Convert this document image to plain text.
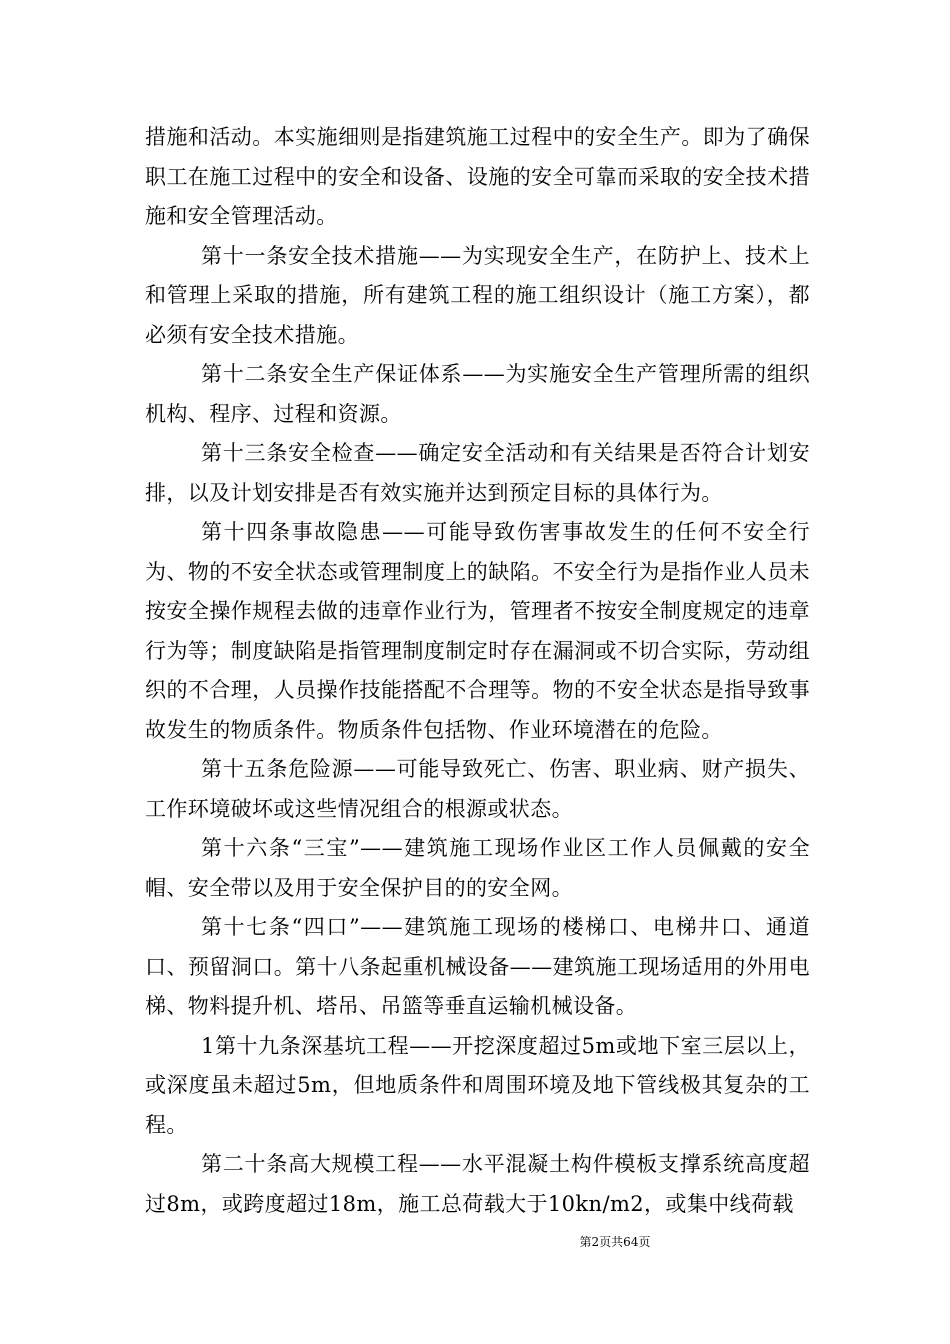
措施和活动。本实施细则是指建筑施工过程中的安全生产。即为了确保职工在施工过程中的安全和设备、设施的安全可靠而采取的安全技术措施和安全管理活动。

第十一条安全技术措施——为实现安全生产，在防护上、技术上和管理上采取的措施，所有建筑工程的施工组织设计（施工方案），都必须有安全技术措施。

第十二条安全生产保证体系——为实施安全生产管理所需的组织机构、程序、过程和资源。

第十三条安全检查——确定安全活动和有关结果是否符合计划安排，以及计划安排是否有效实施并达到预定目标的具体行为。

第十四条事故隐患——可能导致伤害事故发生的任何不安全行为、物的不安全状态或管理制度上的缺陷。不安全行为是指作业人员未按安全操作规程去做的违章作业行为，管理者不按安全制度规定的违章行为等；制度缺陷是指管理制度制定时存在漏洞或不切合实际，劳动组织的不合理，人员操作技能搭配不合理等。物的不安全状态是指导致事故发生的物质条件。物质条件包括物、作业环境潜在的危险。

第十五条危险源——可能导致死亡、伤害、职业病、财产损失、工作环境破坏或这些情况组合的根源或状态。

第十六条“三宝”——建筑施工现场作业区工作人员佩戴的安全帽、安全带以及用于安全保护目的的安全网。

第十七条“四口”——建筑施工现场的楼梯口、电梯井口、通道口、预留洞口。第十八条起重机械设备——建筑施工现场适用的外用电梯、物料提升机、塔吊、吊篮等垂直运输机械设备。

1第十九条深基坑工程——开挖深度超过5m或地下室三层以上，或深度虽未超过5m，但地质条件和周围环境及地下管线极其复杂的工程。

第二十条高大规模工程——水平混凝土构件模板支撑系统高度超过8m，或跨度超过18m，施工总荷载大于10kn/m2，或集中线荷载

第2页共64页
